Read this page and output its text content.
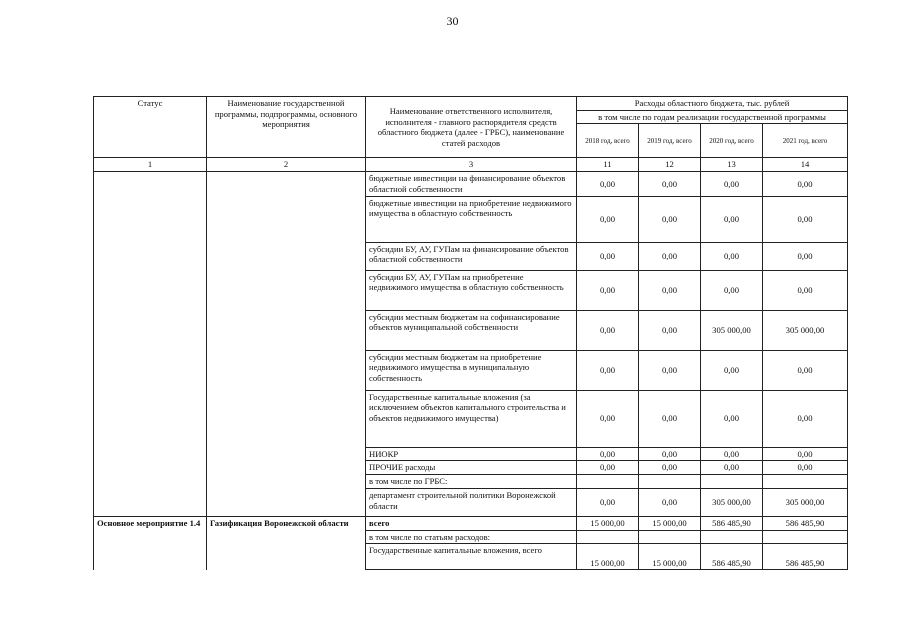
30
Статус	Наименование государственной программы, подпрограммы, основного мероприятия	Наименование ответственного исполнителя, исполнителя - главного распорядителя средств областного бюджета (далее - ГРБС), наименование статей расходов	Расходы областного бюджета, тыс. рублей			
			в том числе по годам реализации государственной программы			
			2018 год, всего	2019 год, всего	2020 год, всего	2021 год, всего
1	2	3	11	12	13	14
		бюджетные инвестиции на финансирование объектов областной собственности	0,00	0,00	0,00	0,00
		бюджетные инвестиции на приобретение недвижимого имущества в областную собственность	0,00	0,00	0,00	0,00
		субсидии БУ, АУ, ГУПам на финансирование объектов областной собственности	0,00	0,00	0,00	0,00
		субсидии БУ, АУ, ГУПам на приобретение недвижимого имущества в областную собственность	0,00	0,00	0,00	0,00
		субсидии местным бюджетам на софинансирование объектов муниципальной собственности	0,00	0,00	305 000,00	305 000,00
		субсидии местным бюджетам на приобретение недвижимого имущества в муниципальную собственность	0,00	0,00	0,00	0,00
		Государственные капитальные вложения (за исключением объектов капитального строительства и объектов недвижимого имущества)	0,00	0,00	0,00	0,00
		НИОКР	0,00	0,00	0,00	0,00
		ПРОЧИЕ расходы	0,00	0,00	0,00	0,00
		в том числе по ГРБС:				
		департамент строительной политики Воронежской области	0,00	0,00	305 000,00	305 000,00
Основное мероприятие 1.4	Газификация Воронежской области	всего	15 000,00	15 000,00	586 485,90	586 485,90
		в том числе по статьям расходов:				
		Государственные капитальные вложения, всего	15 000,00	15 000,00	586 485,90	586 485,90
